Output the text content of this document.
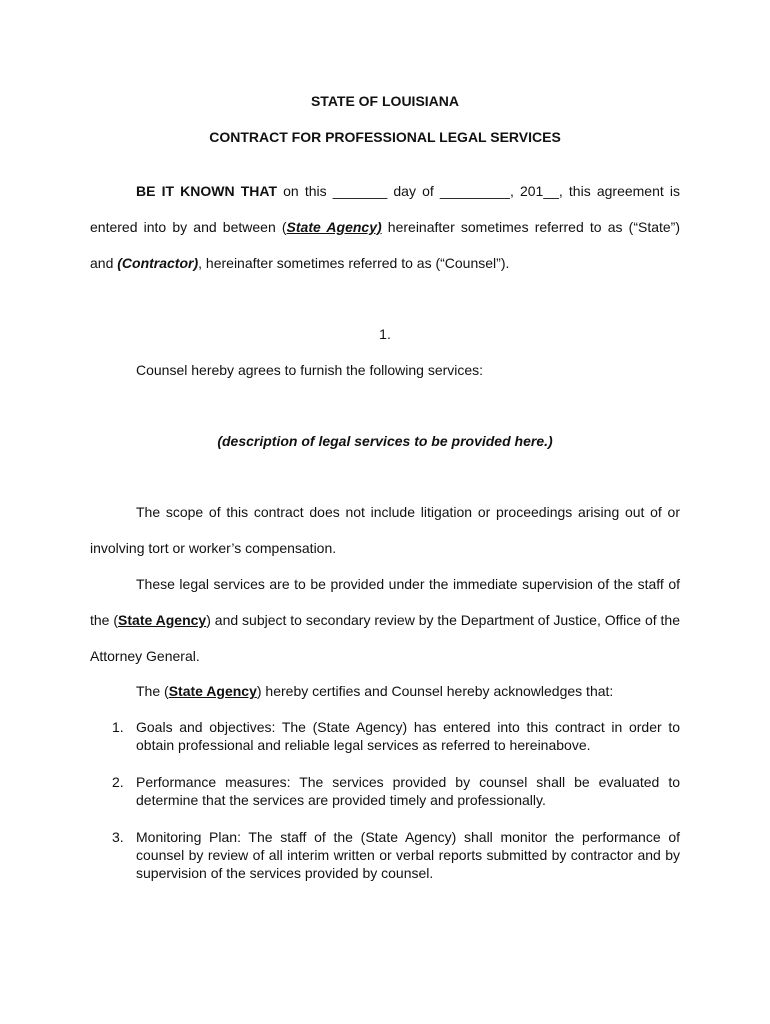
STATE OF LOUISIANA
CONTRACT FOR PROFESSIONAL LEGAL SERVICES
BE IT KNOWN THAT on this _______ day of _________, 201__, this agreement is entered into by and between (State Agency) hereinafter sometimes referred to as (“State”) and (Contractor), hereinafter sometimes referred to as (“Counsel”).
1.
Counsel hereby agrees to furnish the following services:
(description of legal services to be provided here.)
The scope of this contract does not include litigation or proceedings arising out of or involving tort or worker’s compensation.
These legal services are to be provided under the immediate supervision of the staff of the (State Agency) and subject to secondary review by the Department of Justice, Office of the Attorney General.
The (State Agency) hereby certifies and Counsel hereby acknowledges that:
1. Goals and objectives: The (State Agency) has entered into this contract in order to obtain professional and reliable legal services as referred to hereinabove.
2. Performance measures: The services provided by counsel shall be evaluated to determine that the services are provided timely and professionally.
3. Monitoring Plan: The staff of the (State Agency) shall monitor the performance of counsel by review of all interim written or verbal reports submitted by contractor and by supervision of the services provided by counsel.
